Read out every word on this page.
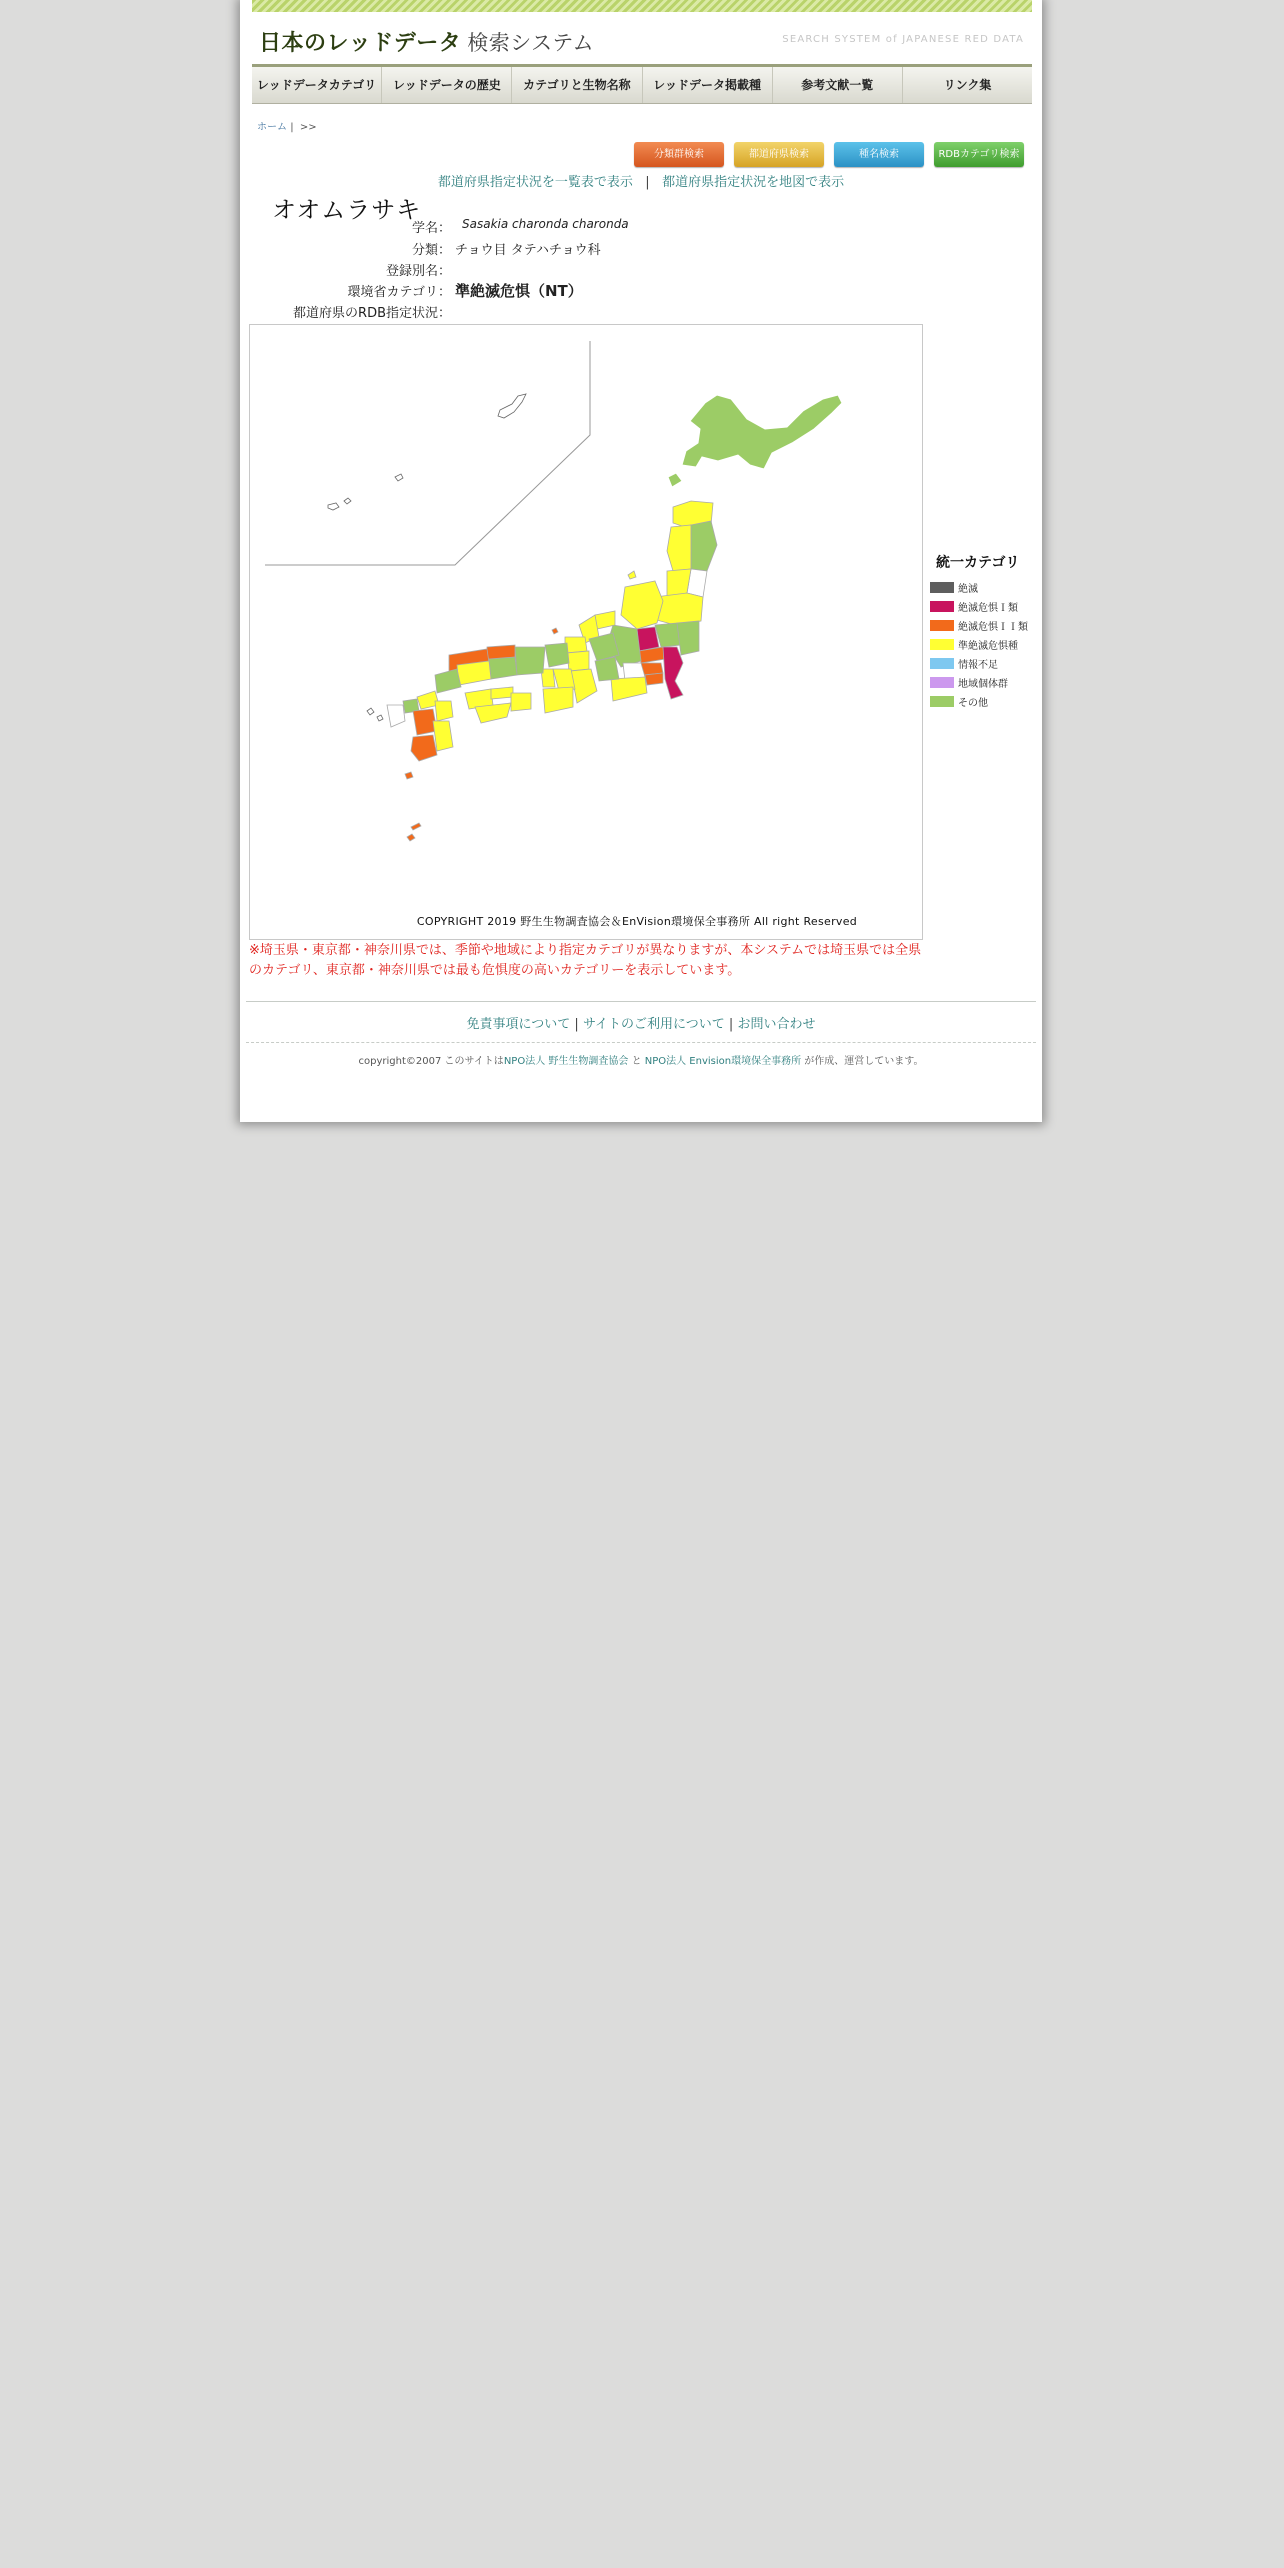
日本のレッドデータ 検索システム	SEARCH SYSTEM of JAPANESE RED DATA
レッドデータカテゴリ	レッドデータの歴史	カテゴリと生物名称	レッドデータ掲載種	参考文献一覧	リンク集
ホーム | >>
分類群検索	都道府県検索	種名検索	RDBカテゴリ検索
都道府県指定状況を一覧表で表示 | 都道府県指定状況を地図で表示
オオムラサキ
学名： Sasakia charonda charonda
分類： チョウ目 タテハチョウ科
登録別名：
環境省カテゴリ： 準絶滅危惧（NT）
都道府県のRDB指定状況：
COPYRIGHT 2019 野生生物調査協会＆EnVision環境保全事務所 All right Reserved
統一カテゴリ
絶滅
絶滅危惧Ｉ類
絶滅危惧ＩＩ類
準絶滅危惧種
情報不足
地域個体群
その他
※埼玉県・東京都・神奈川県では、季節や地域により指定カテゴリが異なりますが、本システムでは埼玉県では全県のカテゴリ、東京都・神奈川県では最も危惧度の高いカテゴリーを表示しています。
免責事項について | サイトのご利用について | お問い合わせ
copyright©2007 このサイトはNPO法人 野生生物調査協会 と NPO法人 Envision環境保全事務所 が作成、運営しています。
